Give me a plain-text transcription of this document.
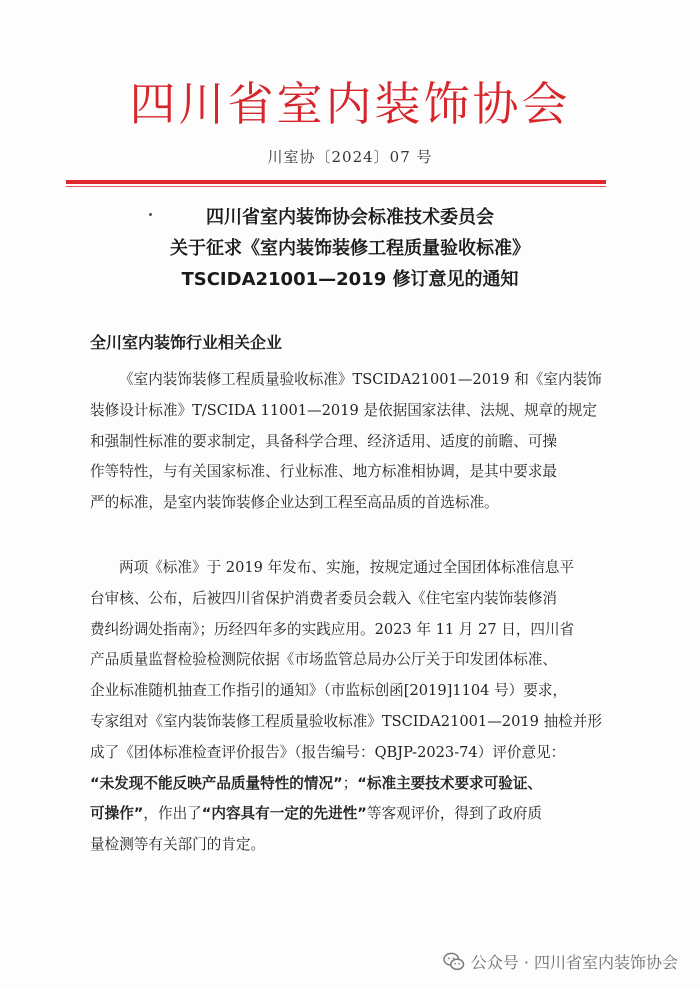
四川省室内装饰协会
川室协〔2024〕07 号
四川省室内装饰协会标准技术委员会
关于征求《室内装饰装修工程质量验收标准》
TSCIDA21001—2019 修订意见的通知
全川室内装饰行业相关企业
《室内装饰装修工程质量验收标准》TSCIDA21001—2019 和《室内装饰
装修设计标准》T/SCIDA 11001—2019 是依据国家法律、法规、规章的规定
和强制性标准的要求制定，具备科学合理、经济适用、适度的前瞻、可操
作等特性，与有关国家标准、行业标准、地方标准相协调，是其中要求最
严的标准，是室内装饰装修企业达到工程至高品质的首选标准。
两项《标准》于 2019 年发布、实施，按规定通过全国团体标准信息平
台审核、公布，后被四川省保护消费者委员会载入《住宅室内装饰装修消
费纠纷调处指南》；历经四年多的实践应用。2023 年 11 月 27 日，四川省
产品质量监督检验检测院依据《市场监管总局办公厅关于印发团体标准、
企业标准随机抽查工作指引的通知》（市监标创函[2019]1104 号）要求，
专家组对《室内装饰装修工程质量验收标准》TSCIDA21001—2019 抽检并形
成了《团体标准检查评价报告》（报告编号：QBJP-2023-74）评价意见：
“未发现不能反映产品质量特性的情况”；“标准主要技术要求可验证、
可操作”，作出了“内容具有一定的先进性”等客观评价，得到了政府质
量检测等有关部门的肯定。
公众号 · 四川省室内装饰协会
